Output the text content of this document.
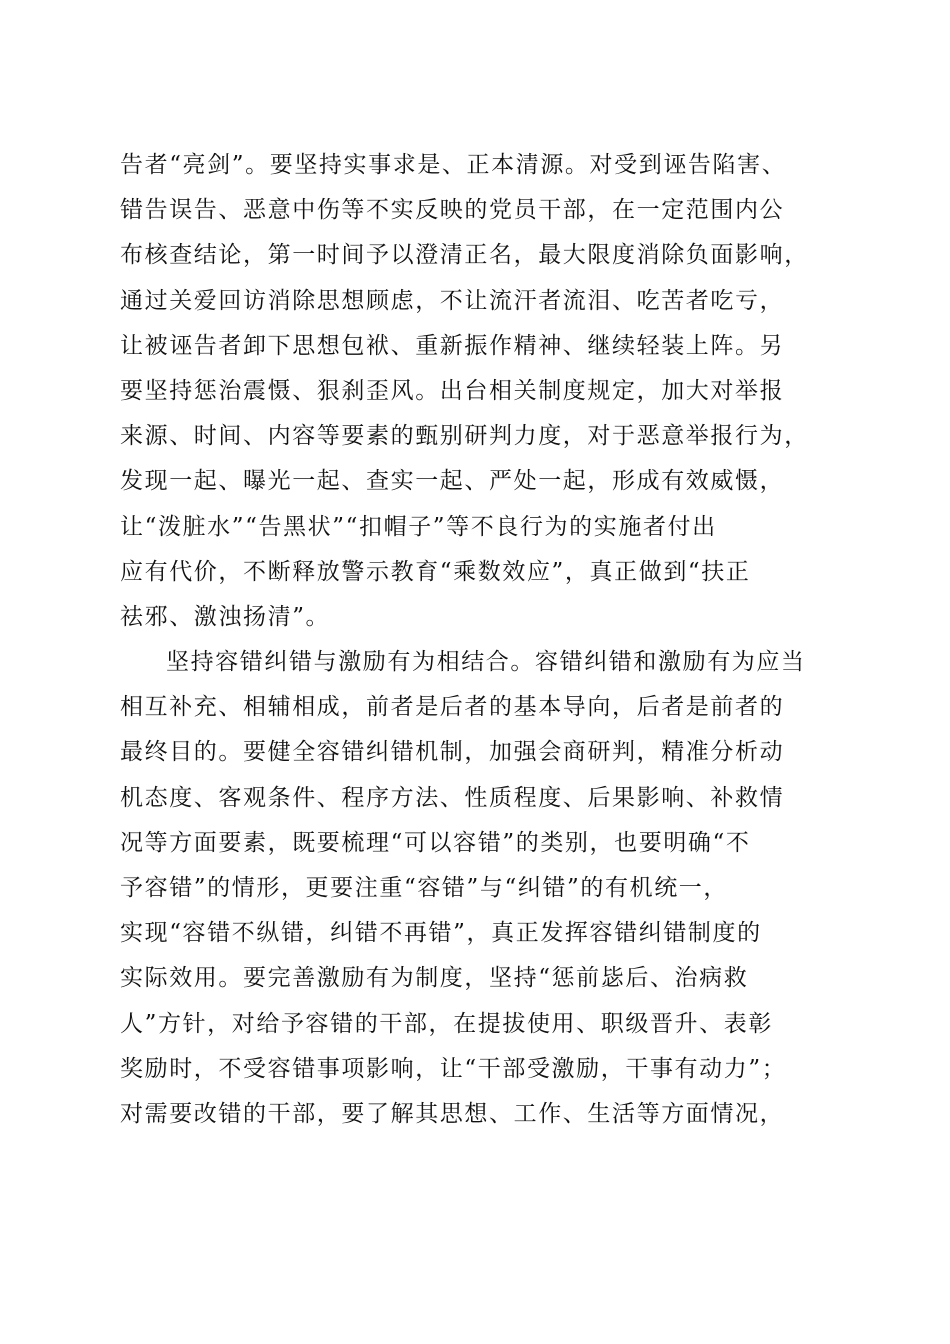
告者“亮剑”。要坚持实事求是、正本清源。对受到诬告陷害、
错告误告、恶意中伤等不实反映的党员干部，在一定范围内公
布核查结论，第一时间予以澄清正名，最大限度消除负面影响，
通过关爱回访消除思想顾虑，不让流汗者流泪、吃苦者吃亏，
让被诬告者卸下思想包袱、重新振作精神、继续轻装上阵。另
要坚持惩治震慑、狠刹歪风。出台相关制度规定，加大对举报
来源、时间、内容等要素的甄别研判力度，对于恶意举报行为，
发现一起、曝光一起、查实一起、严处一起，形成有效威慑，
让“泼脏水”“告黑状”“扣帽子”等不良行为的实施者付出
应有代价，不断释放警示教育“乘数效应”，真正做到“扶正
祛邪、激浊扬清”。
坚持容错纠错与激励有为相结合。容错纠错和激励有为应当
相互补充、相辅相成，前者是后者的基本导向，后者是前者的
最终目的。要健全容错纠错机制，加强会商研判，精准分析动
机态度、客观条件、程序方法、性质程度、后果影响、补救情
况等方面要素，既要梳理“可以容错”的类别，也要明确“不
予容错”的情形，更要注重“容错”与“纠错”的有机统一，
实现“容错不纵错，纠错不再错”，真正发挥容错纠错制度的
实际效用。要完善激励有为制度，坚持“惩前毖后、治病救
人”方针，对给予容错的干部，在提拔使用、职级晋升、表彰
奖励时，不受容错事项影响，让“干部受激励，干事有动力”；
对需要改错的干部，要了解其思想、工作、生活等方面情况，
